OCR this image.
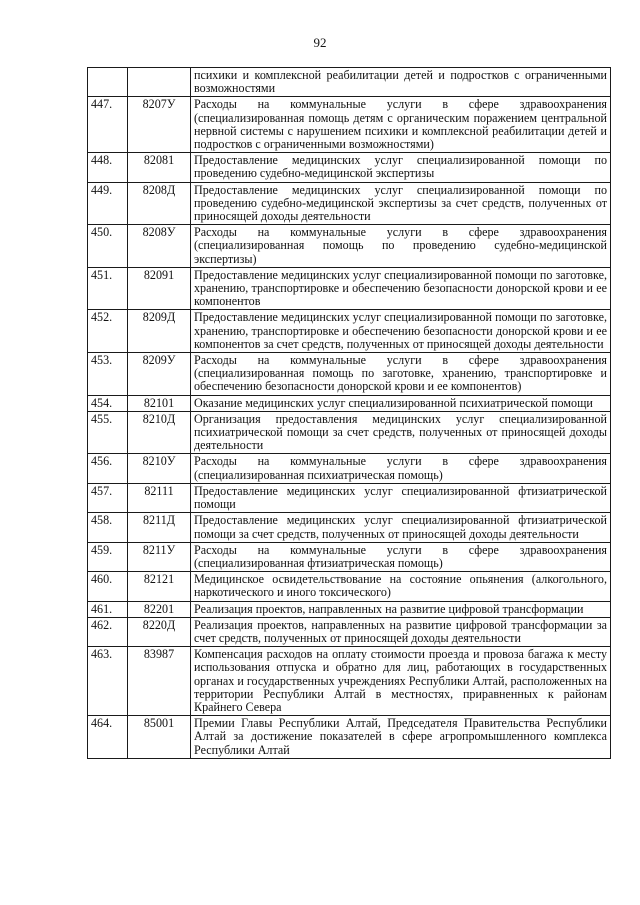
92
		психики и комплексной реабилитации детей и подростков с ограниченными возможностями
447.	8207У	Расходы на коммунальные услуги в сфере здравоохранения (специализированная помощь детям с органическим поражением центральной нервной системы с нарушением психики и комплексной реабилитации детей и подростков с ограниченными возможностями)
448.	82081	Предоставление медицинских услуг специализированной помощи по проведению судебно-медицинской экспертизы
449.	8208Д	Предоставление медицинских услуг специализированной помощи по проведению судебно-медицинской экспертизы за счет средств, полученных от приносящей доходы деятельности
450.	8208У	Расходы на коммунальные услуги в сфере здравоохранения (специализированная помощь по проведению судебно-медицинской экспертизы)
451.	82091	Предоставление медицинских услуг специализированной помощи по заготовке, хранению, транспортировке и обеспечению безопасности донорской крови и ее компонентов
452.	8209Д	Предоставление медицинских услуг специализированной помощи по заготовке, хранению, транспортировке и обеспечению безопасности донорской крови и ее компонентов за счет средств, полученных от приносящей доходы деятельности
453.	8209У	Расходы на коммунальные услуги в сфере здравоохранения (специализированная помощь по заготовке, хранению, транспортировке и обеспечению безопасности донорской крови и ее компонентов)
454.	82101	Оказание медицинских услуг специализированной психиатрической помощи
455.	8210Д	Организация предоставления медицинских услуг специализированной психиатрической помощи за счет средств, полученных от приносящей доходы деятельности
456.	8210У	Расходы на коммунальные услуги в сфере здравоохранения (специализированная психиатрическая помощь)
457.	82111	Предоставление медицинских услуг специализированной фтизиатрической помощи
458.	8211Д	Предоставление медицинских услуг специализированной фтизиатрической помощи за счет средств, полученных от приносящей доходы деятельности
459.	8211У	Расходы на коммунальные услуги в сфере здравоохранения (специализированная фтизиатрическая помощь)
460.	82121	Медицинское освидетельствование на состояние опьянения (алкогольного, наркотического и иного токсического)
461.	82201	Реализация проектов, направленных на развитие цифровой трансформации
462.	8220Д	Реализация проектов, направленных на развитие цифровой трансформации за счет средств, полученных от приносящей доходы деятельности
463.	83987	Компенсация расходов на оплату стоимости проезда и провоза багажа к месту использования отпуска и обратно для лиц, работающих в государственных органах и государственных учреждениях Республики Алтай, расположенных на территории Республики Алтай в местностях, приравненных к районам Крайнего Севера
464.	85001	Премии Главы Республики Алтай, Председателя Правительства Республики Алтай за достижение показателей в сфере агропромышленного комплекса Республики Алтай
